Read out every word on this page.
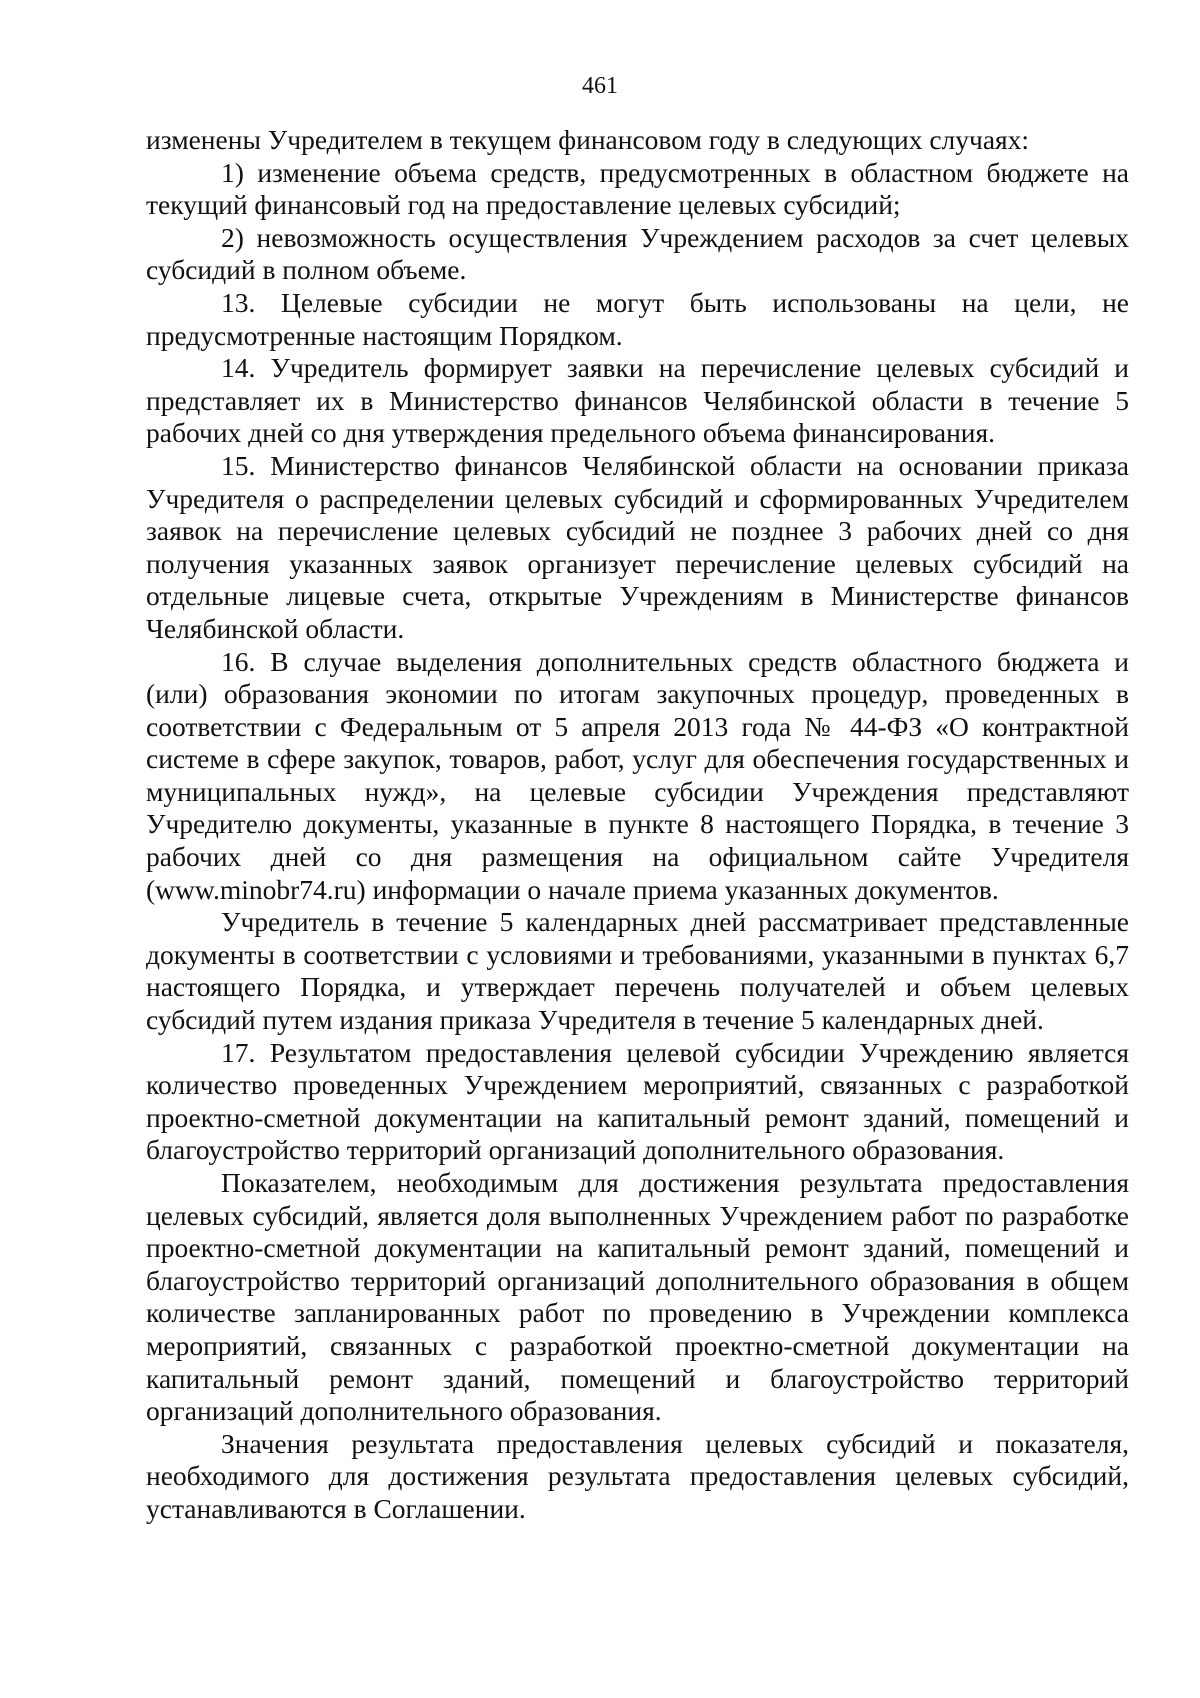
461

изменены Учредителем в текущем финансовом году в следующих случаях:

1) изменение объема средств, предусмотренных в областном бюджете на текущий финансовый год на предоставление целевых субсидий;

2) невозможность осуществления Учреждением расходов за счет целевых субсидий в полном объеме.

13. Целевые субсидии не могут быть использованы на цели, не предусмотренные настоящим Порядком.

14. Учредитель формирует заявки на перечисление целевых субсидий и представляет их в Министерство финансов Челябинской области в течение 5 рабочих дней со дня утверждения предельного объема финансирования.

15. Министерство финансов Челябинской области на основании приказа Учредителя о распределении целевых субсидий и сформированных Учредителем заявок на перечисление целевых субсидий не позднее 3 рабочих дней со дня получения указанных заявок организует перечисление целевых субсидий на отдельные лицевые счета, открытые Учреждениям в Министерстве финансов Челябинской области.

16. В случае выделения дополнительных средств областного бюджета и (или) образования экономии по итогам закупочных процедур, проведенных в соответствии с Федеральным от 5 апреля 2013 года № 44-ФЗ «О контрактной системе в сфере закупок, товаров, работ, услуг для обеспечения государственных и муниципальных нужд», на целевые субсидии Учреждения представляют Учредителю документы, указанные в пункте 8 настоящего Порядка, в течение 3 рабочих дней со дня размещения на официальном сайте Учредителя (www.minobr74.ru) информации о начале приема указанных документов.

Учредитель в течение 5 календарных дней рассматривает представленные документы в соответствии с условиями и требованиями, указанными в пунктах 6,7 настоящего Порядка, и утверждает перечень получателей и объем целевых субсидий путем издания приказа Учредителя в течение 5 календарных дней.

17. Результатом предоставления целевой субсидии Учреждению является количество проведенных Учреждением мероприятий, связанных с разработкой проектно-сметной документации на капитальный ремонт зданий, помещений и благоустройство территорий организаций дополнительного образования.

Показателем, необходимым для достижения результата предоставления целевых субсидий, является доля выполненных Учреждением работ по разработке проектно-сметной документации на капитальный ремонт зданий, помещений и благоустройство территорий организаций дополнительного образования в общем количестве запланированных работ по проведению в Учреждении комплекса мероприятий, связанных с разработкой проектно-сметной документации на капитальный ремонт зданий, помещений и благоустройство территорий организаций дополнительного образования.

Значения результата предоставления целевых субсидий и показателя, необходимого для достижения результата предоставления целевых субсидий, устанавливаются в Соглашении.
